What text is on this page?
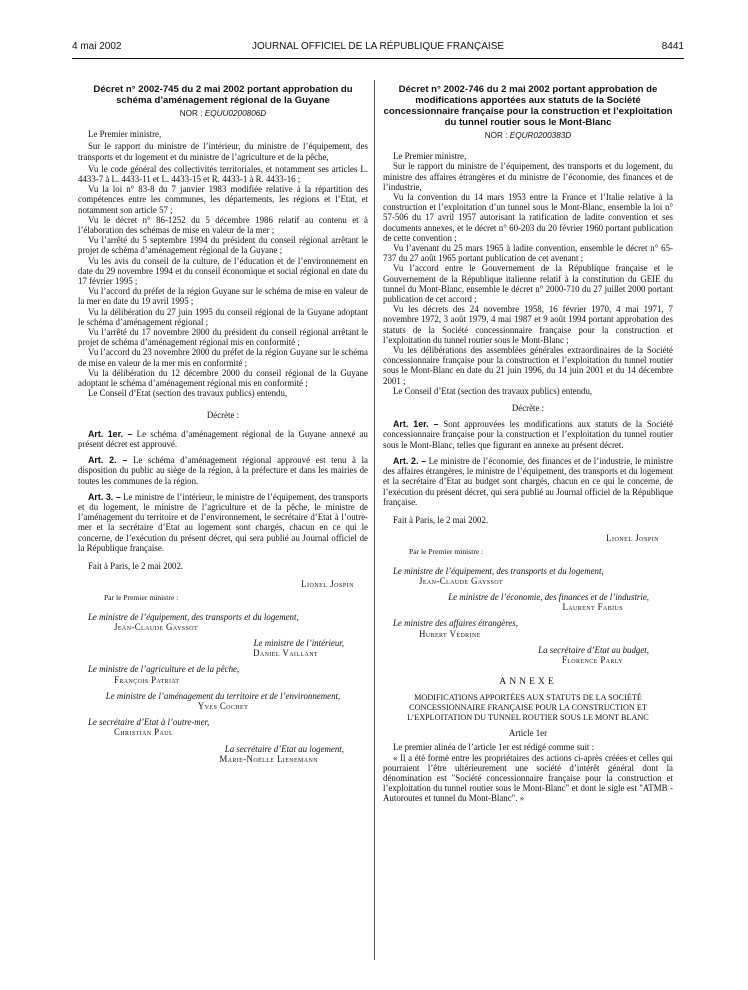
4 mai 2002	JOURNAL OFFICIEL DE LA RÉPUBLIQUE FRANÇAISE	8441
Décret n° 2002-745 du 2 mai 2002 portant approbation du schéma d’aménagement régional de la Guyane
NOR : EQUU0200806D

Le Premier ministre,

Sur le rapport du ministre de l’intérieur, du ministre de l’équipement, des transports et du logement et du ministre de l’agriculture et de la pêche,

Vu le code général des collectivités territoriales, et notamment ses articles L. 4433-7 à L. 4433-11 et L. 4433-15 et R. 4433-1 à R. 4433-16 ;

Vu la loi n° 83-8 du 7 janvier 1983 modifiée relative à la répartition des compétences entre les communes, les départements, les régions et l’Etat, et notamment son article 57 ;

Vu le décret n° 86-1252 du 5 décembre 1986 relatif au contenu et à l’élaboration des schémas de mise en valeur de la mer ;

Vu l’arrêté du 5 septembre 1994 du président du conseil régional arrêtant le projet de schéma d’aménagement régional de la Guyane ;

Vu les avis du conseil de la culture, de l’éducation et de l’environnement en date du 29 novembre 1994 et du conseil économique et social régional en date du 17 février 1995 ;

Vu l’accord du préfet de la région Guyane sur le schéma de mise en valeur de la mer en date du 19 avril 1995 ;

Vu la délibération du 27 juin 1995 du conseil régional de la Guyane adoptant le schéma d’aménagement régional ;

Vu l’arrêté du 17 novembre 2000 du président du conseil régional arrêtant le projet de schéma d’aménagement régional mis en conformité ;

Vu l’accord du 23 novembre 2000 du préfet de la région Guyane sur le schéma de mise en valeur de la mer mis en conformité ;

Vu la délibération du 12 décembre 2000 du conseil régional de la Guyane adoptant le schéma d’aménagement régional mis en conformité ;

Le Conseil d’Etat (section des travaux publics) entendu,

Décrète :

Art. 1er. – Le schéma d’aménagement régional de la Guyane annexé au présent décret est approuvé.

Art. 2. – Le schéma d’aménagement régional approuvé est tenu à la disposition du public au siège de la région, à la préfecture et dans les mairies de toutes les communes de la région.

Art. 3. – Le ministre de l’intérieur, le ministre de l’équipement, des transports et du logement, le ministre de l’agriculture et de la pêche, le ministre de l’aménagement du territoire et de l’environnement, le secrétaire d’Etat à l’outre-mer et la secrétaire d’Etat au logement sont chargés, chacun en ce qui le concerne, de l’exécution du présent décret, qui sera publié au Journal officiel de la République française.

Fait à Paris, le 2 mai 2002.

Lionel Jospin
Par le Premier ministre :
Le ministre de l’équipement, des transports et du logement,
Jean-Claude Gayssot
Le ministre de l’intérieur,
Daniel Vaillant
Le ministre de l’agriculture et de la pêche,
François Patriat
Le ministre de l’aménagement du territoire et de l’environnement,
Yves Cochet
Le secrétaire d’Etat à l’outre-mer,
Christian Paul
La secrétaire d’Etat au logement,
Marie-Noëlle Lienemann
Décret n° 2002-746 du 2 mai 2002 portant approbation de modifications apportées aux statuts de la Société concessionnaire française pour la construction et l’exploitation du tunnel routier sous le Mont-Blanc
NOR : EQUR0200383D

Le Premier ministre,

Sur le rapport du ministre de l’équipement, des transports et du logement, du ministre des affaires étrangères et du ministre de l’économie, des finances et de l’industrie,

Vu la convention du 14 mars 1953 entre la France et l’Italie relative à la construction et l’exploitation d’un tunnel sous le Mont-Blanc, ensemble la loi n° 57-506 du 17 avril 1957 autorisant la ratification de ladite convention et ses documents annexes, et le décret n° 60-203 du 20 février 1960 portant publication de cette convention ;

Vu l’avenant du 25 mars 1965 à ladite convention, ensemble le décret n° 65-737 du 27 août 1965 portant publication de cet avenant ;

Vu l’accord entre le Gouvernement de la République française et le Gouvernement de la République italienne relatif à la constitution du GEIE du tunnel du Mont-Blanc, ensemble le décret n° 2000-710 du 27 juillet 2000 portant publication de cet accord ;

Vu les décrets des 24 novembre 1958, 16 février 1970, 4 mai 1971, 7 novembre 1972, 3 août 1979, 4 mai 1987 et 9 août 1994 portant approbation des statuts de la Société concessionnaire française pour la construction et l’exploitation du tunnel routier sous le Mont-Blanc ;

Vu les délibérations des assemblées générales extraordinaires de la Société concessionnaire française pour la construction et l’exploitation du tunnel routier sous le Mont-Blanc en date du 21 juin 1996, du 14 juin 2001 et du 14 décembre 2001 ;

Le Conseil d’Etat (section des travaux publics) entendu,

Décrète :

Art. 1er. – Sont approuvées les modifications aux statuts de la Société concessionnaire française pour la construction et l’exploitation du tunnel routier sous le Mont-Blanc, telles que figurant en annexe au présent décret.

Art. 2. – Le ministre de l’économie, des finances et de l’industrie, le ministre des affaires étrangères, le ministre de l’équipement, des transports et du logement et la secrétaire d’Etat au budget sont chargés, chacun en ce qui le concerne, de l’exécution du présent décret, qui sera publié au Journal officiel de la République française.

Fait à Paris, le 2 mai 2002.

Lionel Jospin
Par le Premier ministre :
Le ministre de l’équipement, des transports et du logement,
Jean-Claude Gayssot
Le ministre de l’économie, des finances et de l’industrie,
Laurent Fabius
Le ministre des affaires étrangères,
Hubert Védrine
La secrétaire d’Etat au budget,
Florence Parly
ANNEXE
MODIFICATIONS APPORTÉES AUX STATUTS DE LA SOCIÉTÉ CONCESSIONNAIRE FRANÇAISE POUR LA CONSTRUCTION ET L’EXPLOITATION DU TUNNEL ROUTIER SOUS LE MONT BLANC
Article 1er

Le premier alinéa de l’article 1er est rédigé comme suit :

« Il a été formé entre les propriétaires des actions ci-après créées et celles qui pourraient l’être ultérieurement une société d’intérêt général dont la dénomination est "Société concessionnaire française pour la construction et l’exploitation du tunnel routier sous le Mont-Blanc" et dont le sigle est "ATMB - Autoroutes et tunnel du Mont-Blanc". »
